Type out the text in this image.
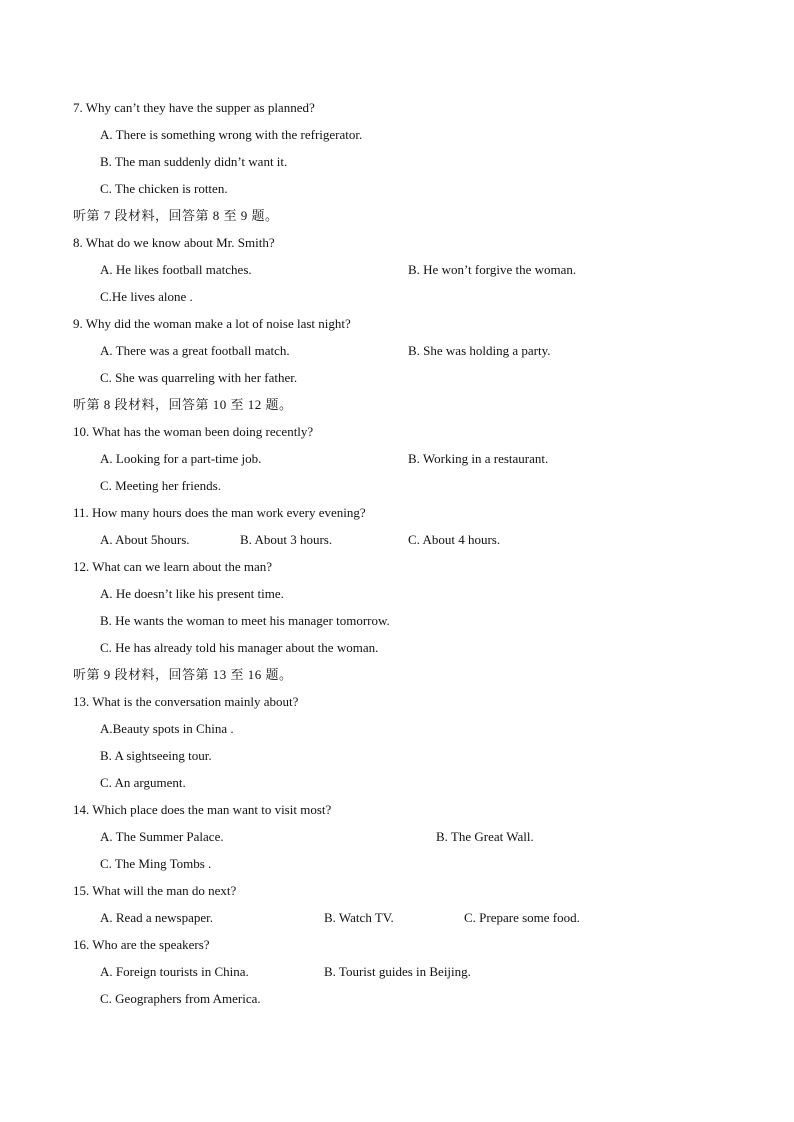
7. Why can’t they have the supper as planned?
A. There is something wrong with the refrigerator.
B. The man suddenly didn’t want it.
C. The chicken is rotten.
听第 7 段材料，回答第 8 至 9 题。
8. What do we know about Mr. Smith?
A. He likes football matches.	B. He won’t forgive the woman.
C.He lives alone .
9. Why did the woman make a lot of noise last night?
A. There was a great football match.	B. She was holding a party.
C. She was quarreling with her father.
听第 8 段材料，回答第 10 至 12 题。
10. What has the woman been doing recently?
A. Looking for a part-time job.	B. Working in a restaurant.
C. Meeting her friends.
11. How many hours does the man work every evening?
A. About 5hours.	B. About 3 hours.	C. About 4 hours.
12. What can we learn about the man?
A. He doesn’t like his present time.
B. He wants the woman to meet his manager tomorrow.
C. He has already told his manager about the woman.
听第 9 段材料，回答第 13 至 16 题。
13. What is the conversation mainly about?
A.Beauty spots in China .
B. A sightseeing tour.
C. An argument.
14. Which place does the man want to visit most?
A. The Summer Palace.	B. The Great Wall.
C. The Ming Tombs .
15. What will the man do next?
A. Read a newspaper.	B. Watch TV.	C. Prepare some food.
16. Who are the speakers?
A. Foreign tourists in China.	B. Tourist guides in Beijing.
C. Geographers from America.
